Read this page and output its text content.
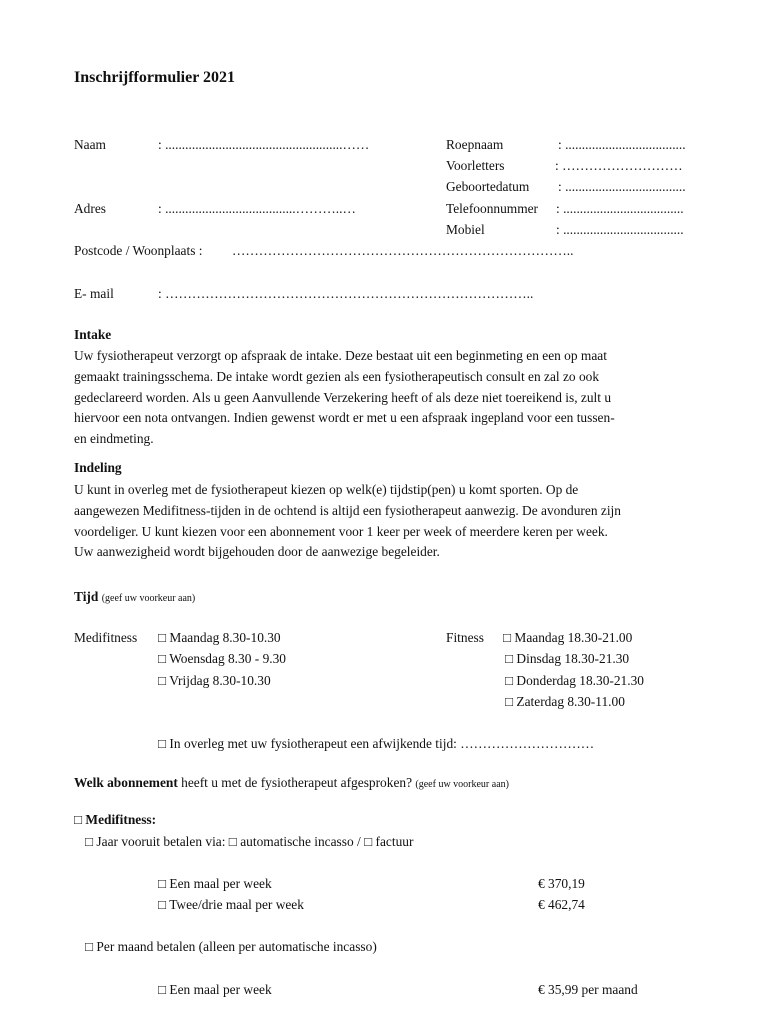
Inschrijfformulier 2021
Naam	: .....................................................……
Adres	: .......................................………..…
Roepnaam	: ....................................
Voorletters	: ………………………
Geboortedatum : ....................................
Telefoonnummer : ....................................
Mobiel	: ....................................
Postcode / Woonplaats : …………………………………………………………………..
E- mail	: ………………………………………………………………………..
Intake

Uw fysiotherapeut verzorgt op afspraak de intake. Deze bestaat uit een beginmeting en een op maat

gemaakt trainingsschema. De intake wordt gezien als een fysiotherapeutisch consult en zal zo ook

gedeclareerd worden. Als u geen Aanvullende Verzekering heeft of als deze niet toereikend is, zult u

hiervoor een nota ontvangen. Indien gewenst wordt er met u een afspraak ingepland voor een tussen-

en eindmeting.

Indeling

U kunt in overleg met de fysiotherapeut kiezen op welk(e) tijdstip(pen) u komt sporten. Op de

aangewezen Medifitness-tijden in de ochtend is altijd een fysiotherapeut aanwezig. De avonduren zijn

voordeliger. U kunt kiezen voor een abonnement voor 1 keer per week of meerdere keren per week.

Uw aanwezigheid wordt bijgehouden door de aanwezige begeleider.

Tijd (geef uw voorkeur aan)
Medifitness □ Maandag 8.30-10.30
□ Woensdag 8.30 - 9.30
□ Vrijdag 8.30-10.30
Fitness □ Maandag 18.30-21.00
□ Dinsdag 18.30-21.30
□ Donderdag 18.30-21.30
□ Zaterdag 8.30-11.00
□ In overleg met uw fysiotherapeut een afwijkende tijd: …………………………
Welk abonnement heeft u met de fysiotherapeut afgesproken? (geef uw voorkeur aan)
□ Medifitness:
□ Jaar vooruit betalen via: □ automatische incasso / □ factuur
□ Een maal per week	€ 370,19
□ Twee/drie maal per week	€ 462,74
□ Per maand betalen (alleen per automatische incasso)
□ Een maal per week	€ 35,99 per maand
